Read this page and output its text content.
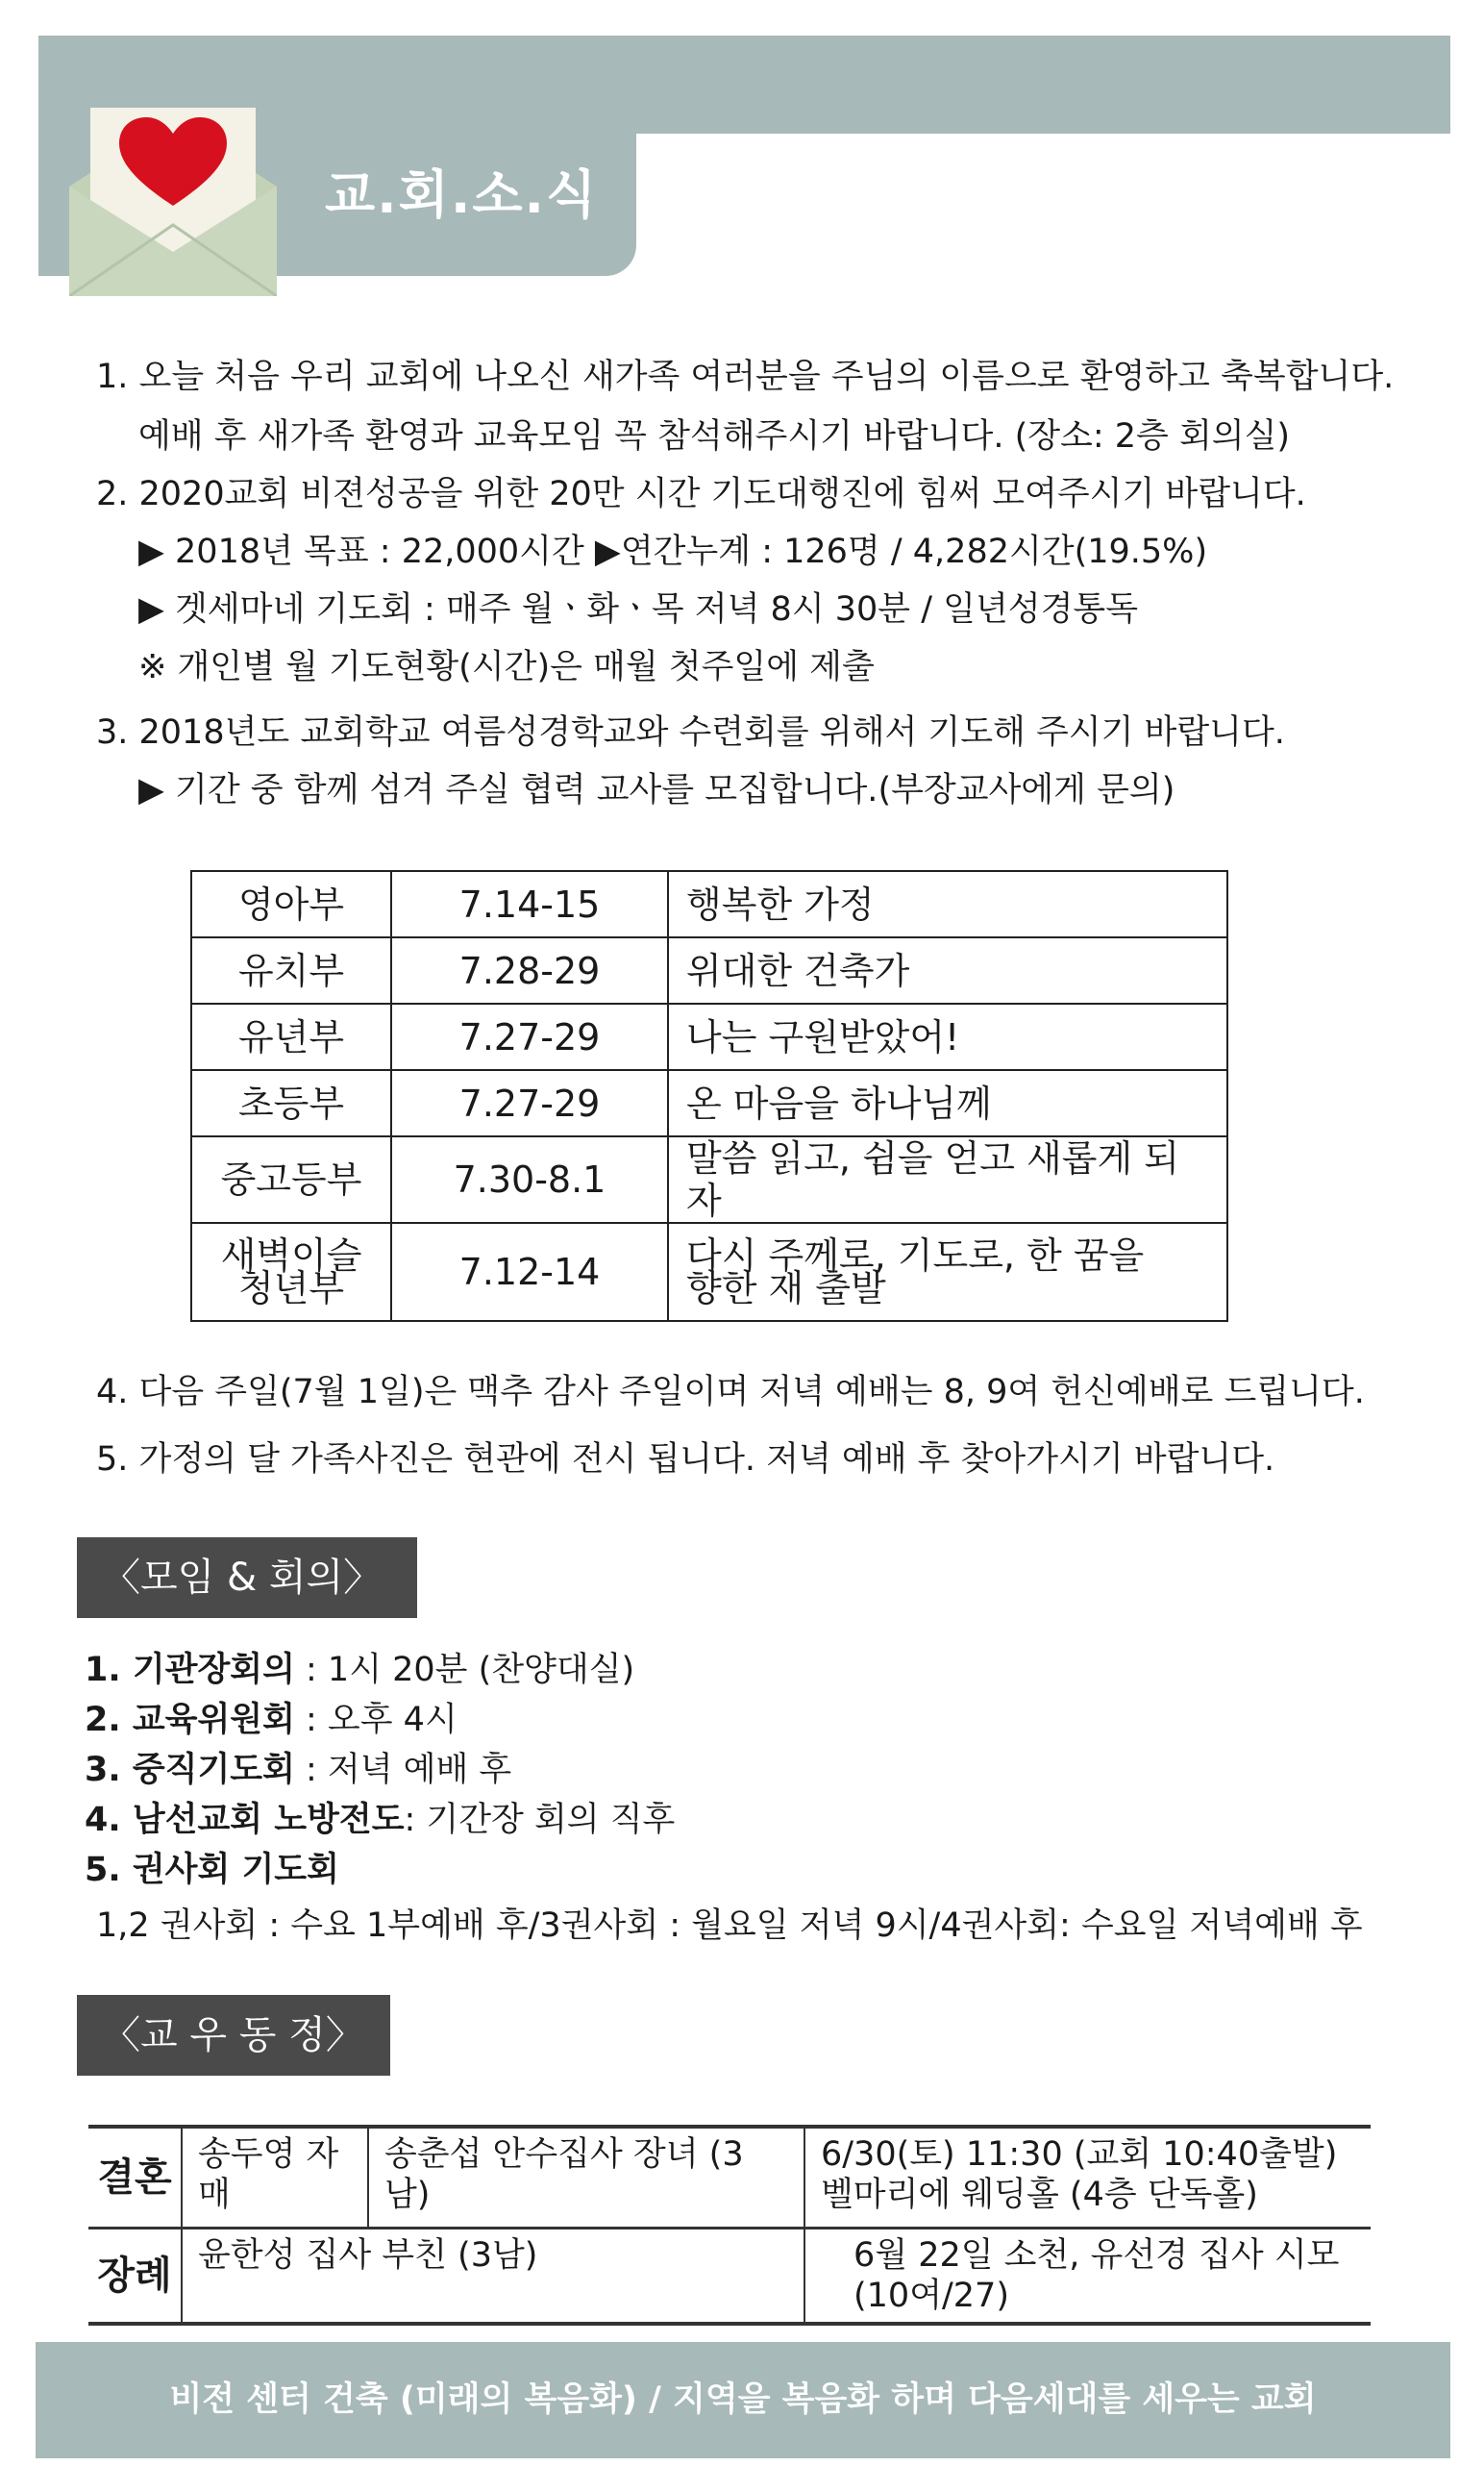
교.회.소.식
1. 오늘 처음 우리 교회에 나오신 새가족 여러분을 주님의 이름으로 환영하고 축복합니다.
예배 후 새가족 환영과 교육모임 꼭 참석해주시기 바랍니다. (장소: 2층 회의실)
2. 2020교회 비젼성공을 위한 20만 시간 기도대행진에 힘써 모여주시기 바랍니다.
▶ 2018년 목표 : 22,000시간 ▶연간누계 : 126명 / 4,282시간(19.5%)
▶ 겟세마네 기도회 : 매주 월ㆍ화ㆍ목 저녁 8시 30분 / 일년성경통독
※ 개인별 월 기도현황(시간)은 매월 첫주일에 제출
3. 2018년도 교회학교 여름성경학교와 수련회를 위해서 기도해 주시기 바랍니다.
▶ 기간 중 함께 섬겨 주실 협력 교사를 모집합니다.(부장교사에게 문의)
영아부	7.14-15	행복한 가정
유치부	7.28-29	위대한 건축가
유년부	7.27-29	나는 구원받았어!
초등부	7.27-29	온 마음을 하나님께
중고등부	7.30-8.1	말씀 읽고, 쉼을 얻고 새롭게 되자

새벽이슬
청년부	7.12-14	다시 주께로, 기도로, 한 꿈을
향한 재 출발
4. 다음 주일(7월 1일)은 맥추 감사 주일이며 저녁 예배는 8, 9여 헌신예배로 드립니다.
5. 가정의 달 가족사진은 현관에 전시 됩니다. 저녁 예배 후 찾아가시기 바랍니다.
〈모임 & 회의〉
1. 기관장회의 : 1시 20분 (찬양대실)
2. 교육위원회 : 오후 4시
3. 중직기도회 : 저녁 예배 후
4. 남선교회 노방전도: 기간장 회의 직후
5. 권사회 기도회
1,2 권사회 : 수요 1부예배 후/3권사회 : 월요일 저녁 9시/4권사회: 수요일 저녁예배 후
〈교 우 동 정〉
결혼	송두영 자매	송춘섭 안수집사 장녀 (3남)	6/30(토) 11:30 (교회 10:40출발)
벨마리에 웨딩홀 (4층 단독홀)

장례	윤한성 집사 부친 (3남)		6월 22일 소천, 유선경 집사 시모 (10여/27)
비전 센터 건축 (미래의 복음화) / 지역을 복음화 하며 다음세대를 세우는 교회
